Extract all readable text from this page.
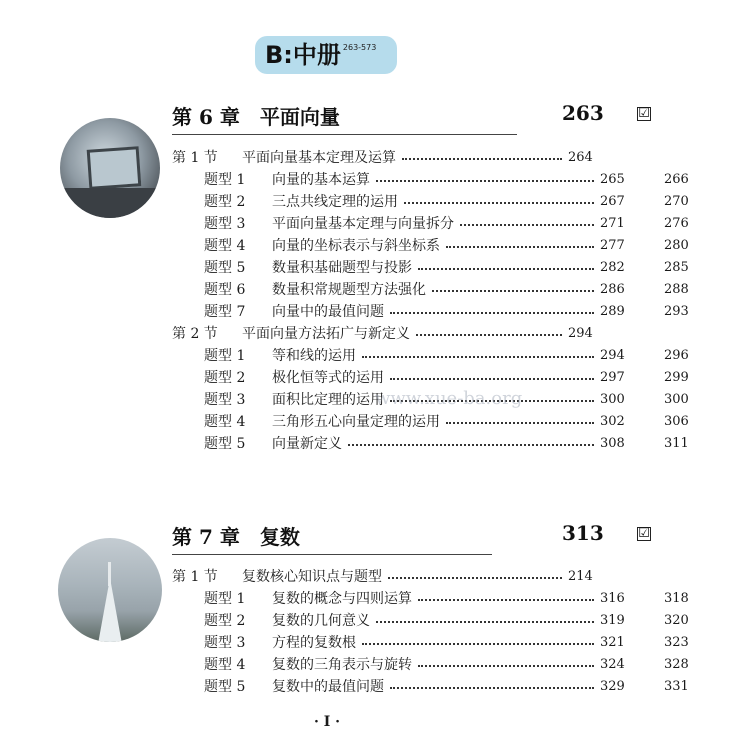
B:中册 263-573
第 6 章　平面向量	263	☑
第 1 节	平面向量基本定理及运算	264
题型 1	向量的基本运算	265	266
题型 2	三点共线定理的运用	267	270
题型 3	平面向量基本定理与向量拆分	271	276
题型 4	向量的坐标表示与斜坐标系	277	280
题型 5	数量积基础题型与投影	282	285
题型 6	数量积常规题型方法强化	286	288
题型 7	向量中的最值问题	289	293
第 2 节	平面向量方法拓广与新定义	294
题型 1	等和线的运用	294	296
题型 2	极化恒等式的运用	297	299
题型 3	面积比定理的运用	300	300
题型 4	三角形五心向量定理的运用	302	306
题型 5	向量新定义	308	311
第 7 章　复数	313	☑
第 1 节	复数核心知识点与题型	214
题型 1	复数的概念与四则运算	316	318
题型 2	复数的几何意义	319	320
题型 3	方程的复数根	321	323
题型 4	复数的三角表示与旋转	324	328
题型 5	复数中的最值问题	329	331
www.xue-ba.org
· I ·
